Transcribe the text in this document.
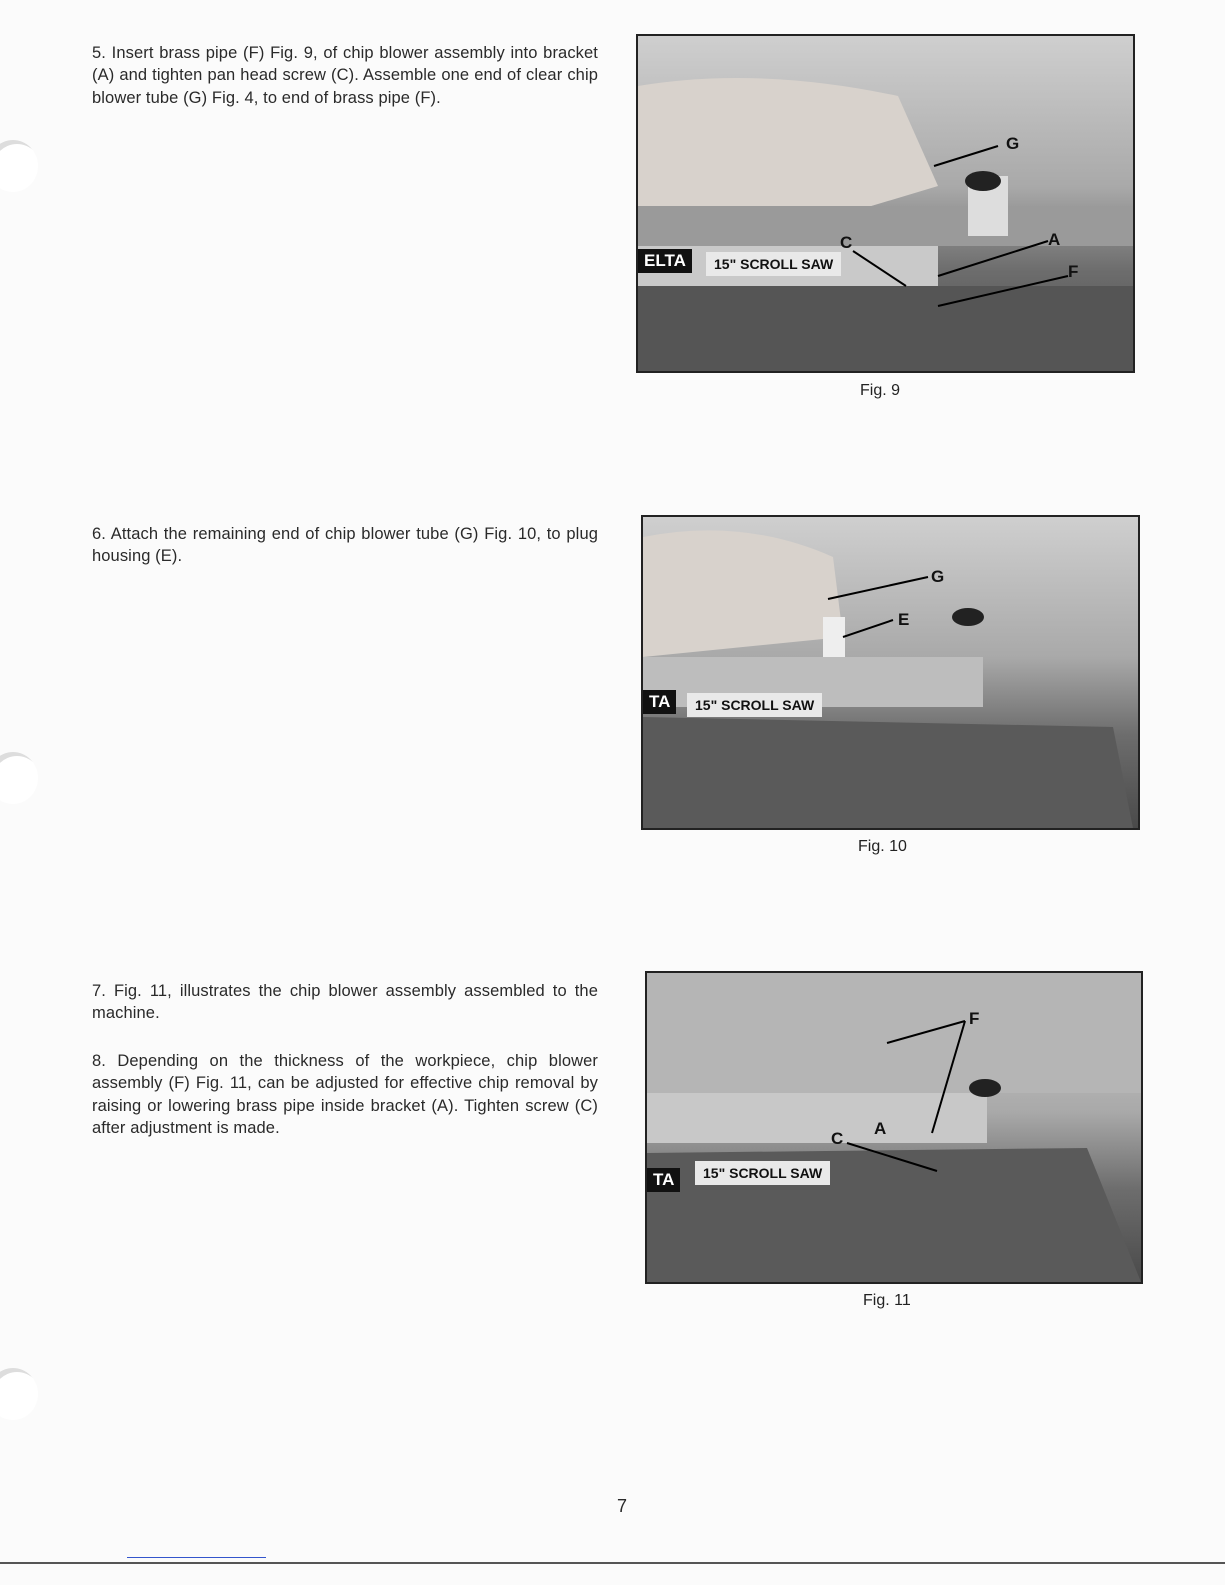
5. Insert brass pipe (F) Fig. 9, of chip blower assembly into bracket (A) and tighten pan head screw (C). Assemble one end of clear chip blower tube (G) Fig. 4, to end of brass pipe (F).

6. Attach the remaining end of chip blower tube (G) Fig. 10, to plug housing (E).

7. Fig. 11, illustrates the chip blower assembly assembled to the machine.

8. Depending on the thickness of the workpiece, chip blower assembly (F) Fig. 11, can be adjusted for effective chip removal by raising or lowering brass pipe inside bracket (A). Tighten screw (C) after adjustment is made.

ELTA	15" SCROLL SAW
G
C	A
F
Fig. 9
TA	15" SCROLL SAW
G
E
Fig. 10
TA	15" SCROLL SAW
F
C
A
Fig. 11
7
